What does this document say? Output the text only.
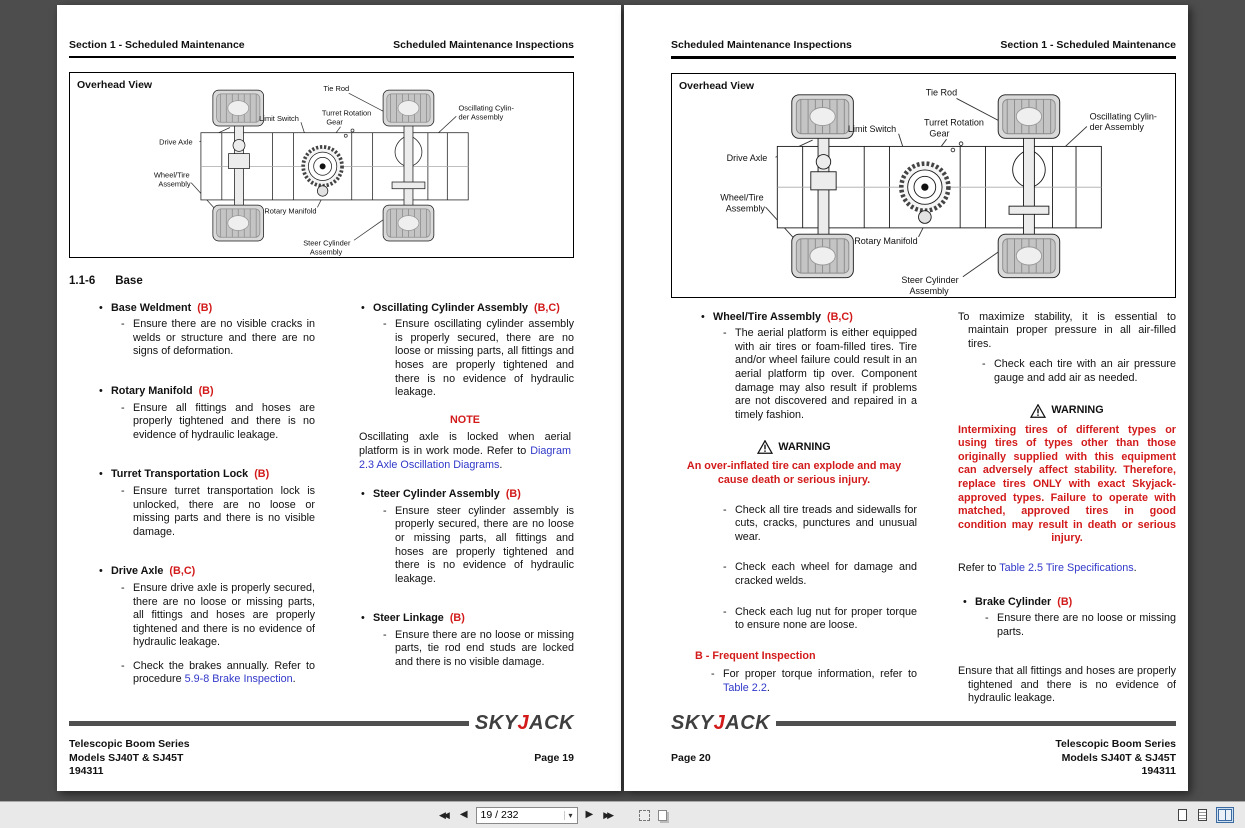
Section 1 - Scheduled Maintenance	Scheduled Maintenance Inspections
Overhead View	Tie Rod
Limit Switch
Turret Rotation
Gear
Oscillating Cylin-
der Assembly
Drive Axle
Wheel/Tire
Assembly
Rotary Manifold
Steer Cylinder
Assembly
1.1-6 Base
• Base Weldment (B)
- Ensure there are no visible cracks in welds or structure and there are no signs of deformation.
• Rotary Manifold (B)
- Ensure all fittings and hoses are properly tightened and there is no evidence of hydraulic leakage.
• Turret Transportation Lock (B)
- Ensure turret transportation lock is unlocked, there are no loose or missing parts and there is no visible damage.
• Drive Axle (B,C)
- Ensure drive axle is properly secured, there are no loose or missing parts, all fittings and hoses are properly tightened and there is no evidence of hydraulic leakage.
- Check the brakes annually. Refer to procedure 5.9-8 Brake Inspection.
• Oscillating Cylinder Assembly (B,C)
- Ensure oscillating cylinder assembly is properly secured, there are no loose or missing parts, all fittings and hoses are properly tightened and there is no evidence of hydraulic leakage.
NOTE
Oscillating axle is locked when aerial platform is in work mode. Refer to Diagram 2.3 Axle Oscillation Diagrams.
• Steer Cylinder Assembly (B)
- Ensure steer cylinder assembly is properly secured, there are no loose or missing parts, all fittings and hoses are properly tightened and there is no evidence of hydraulic leakage.
• Steer Linkage (B)
- Ensure there are no loose or missing parts, tie rod end studs are locked and there is no visible damage.
SKYJACK
Telescopic Boom Series
Models SJ40T & SJ45T
194311
Page 19
Scheduled Maintenance Inspections	Section 1 - Scheduled Maintenance
Overhead View
Tie Rod
Limit Switch
Turret Rotation
Gear
Oscillating Cylin-
der Assembly
Drive Axle
Wheel/Tire
Assembly
Rotary Manifold
Steer Cylinder
Assembly
• Wheel/Tire Assembly (B,C)
- The aerial platform is either equipped with air tires or foam-filled tires. Tire and/or wheel failure could result in an aerial platform tip over. Component damage may also result if problems are not discovered and repaired in a timely fashion.
WARNING
An over-inflated tire can explode and may cause death or serious injury.
- Check all tire treads and sidewalls for cuts, cracks, punctures and unusual wear.
- Check each wheel for damage and cracked welds.
- Check each lug nut for proper torque to ensure none are loose.
B - Frequent Inspection
- For proper torque information, refer to Table 2.2.
To maximize stability, it is essential to maintain proper pressure in all air-filled tires.
- Check each tire with an air pressure gauge and add air as needed.
WARNING
Intermixing tires of different types or using tires of types other than those originally supplied with this equipment can adversely affect stability. Therefore, replace tires ONLY with exact Skyjack-approved types. Failure to operate with matched, approved tires in good condition may result in death or serious injury.
Refer to Table 2.5 Tire Specifications.
• Brake Cylinder (B)
- Ensure there are no loose or missing parts.
Ensure that all fittings and hoses are properly tightened and there is no evidence of hydraulic leakage.
SKYJACK
Page 20
Telescopic Boom Series
Models SJ40T & SJ45T
194311
◀◀	◀ 19 / 232	▾ ▶ ▶▶
